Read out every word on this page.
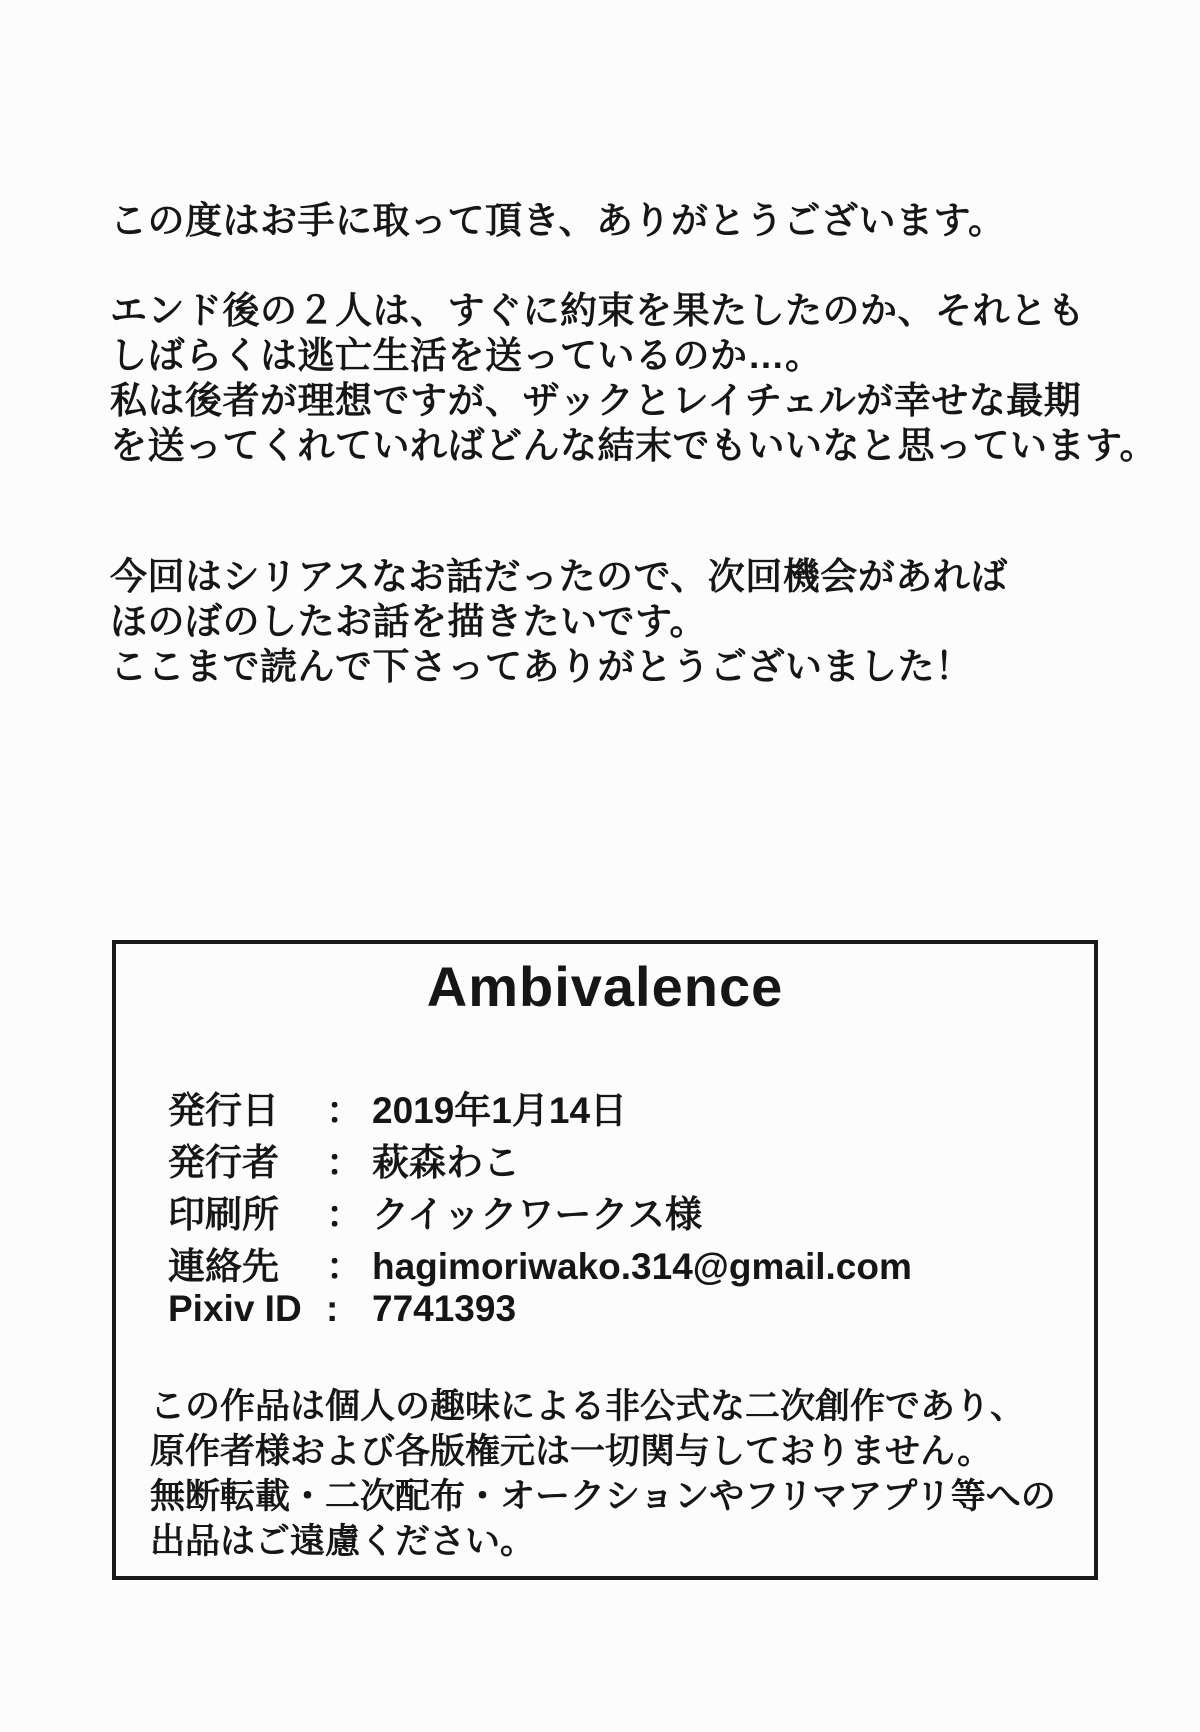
この度はお手に取って頂き、ありがとうございます。
エンド後の２人は、すぐに約束を果たしたのか、それとも
しばらくは逃亡生活を送っているのか…。
私は後者が理想ですが、ザックとレイチェルが幸せな最期
を送ってくれていればどんな結末でもいいなと思っています。
今回はシリアスなお話だったので、次回機会があれば
ほのぼのしたお話を描きたいです。
ここまで読んで下さってありがとうございました！
Ambivalence
発行日	： 2019年1月14日
発行者	： 萩森わこ
印刷所	： クイックワークス様
連絡先	： hagimoriwako.314@gmail.com
Pixiv ID : 7741393
この作品は個人の趣味による非公式な二次創作であり、
原作者様および各版権元は一切関与しておりません。
無断転載・二次配布・オークションやフリマアプリ等への
出品はご遠慮ください。
